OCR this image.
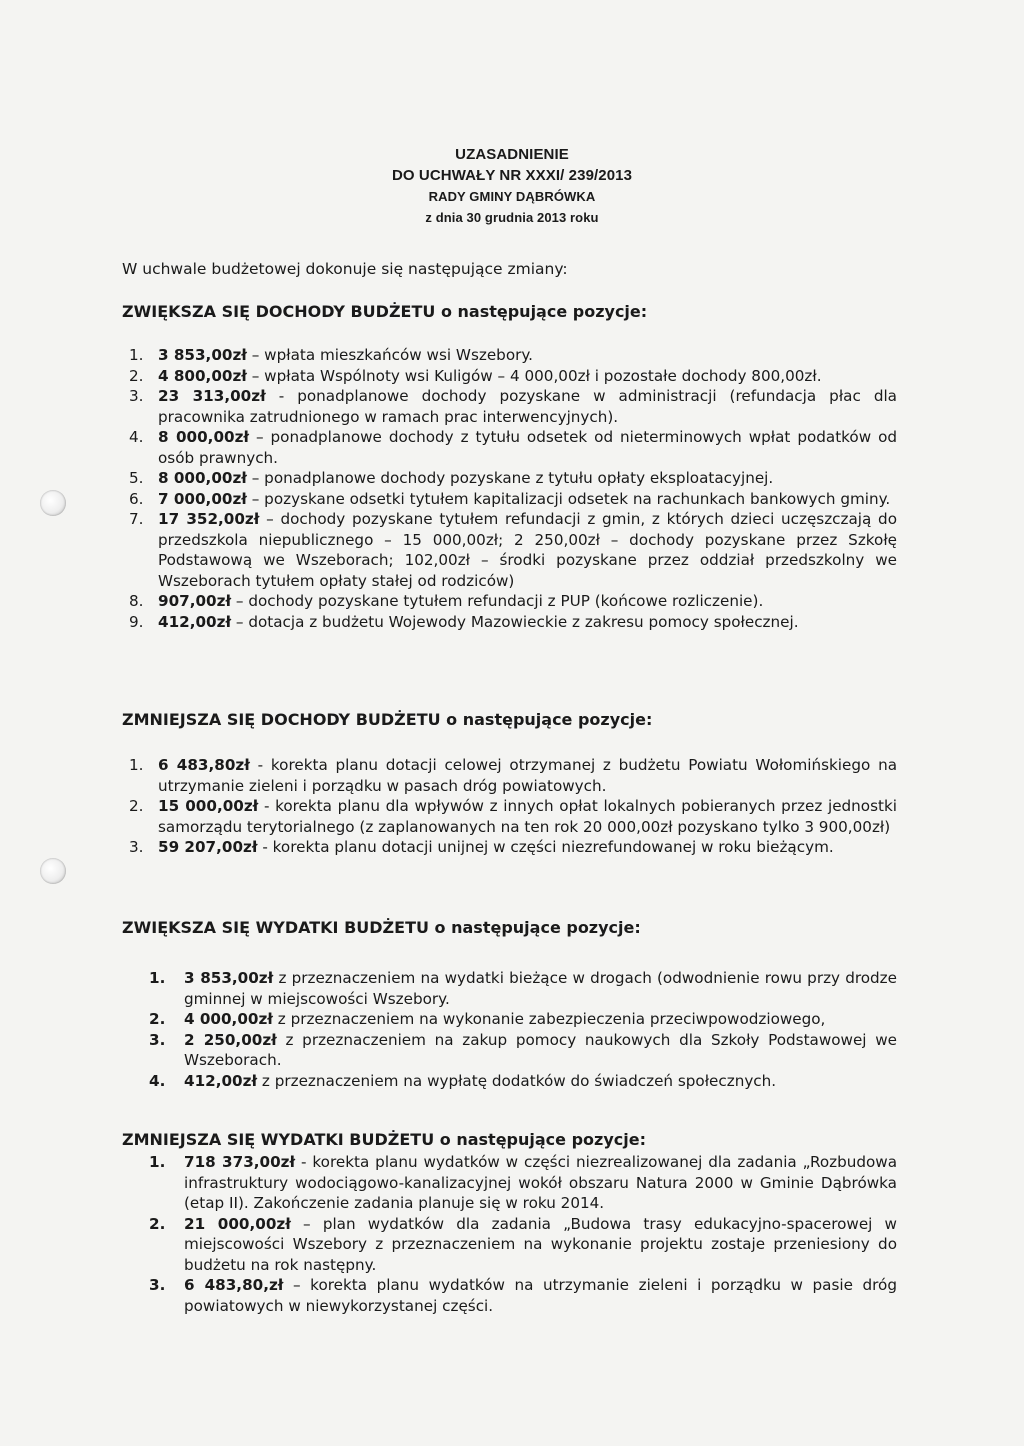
UZASADNIENIE
DO UCHWAŁY NR XXXI/ 239/2013
RADY GMINY DĄBRÓWKA
z dnia 30 grudnia 2013 roku
W uchwale budżetowej dokonuje się następujące zmiany:
ZWIĘKSZA SIĘ DOCHODY BUDŻETU o następujące pozycje:
1. 3 853,00zł – wpłata mieszkańców wsi Wszebory.
2. 4 800,00zł – wpłata Wspólnoty wsi Kuligów – 4 000,00zł i pozostałe dochody 800,00zł.
3. 23 313,00zł - ponadplanowe dochody pozyskane w administracji (refundacja płac dla pracownika zatrudnionego w ramach prac interwencyjnych).
4. 8 000,00zł – ponadplanowe dochody z tytułu odsetek od nieterminowych wpłat podatków od osób prawnych.
5. 8 000,00zł – ponadplanowe dochody pozyskane z tytułu opłaty eksploatacyjnej.
6. 7 000,00zł – pozyskane odsetki tytułem kapitalizacji odsetek na rachunkach bankowych gminy.
7. 17 352,00zł – dochody pozyskane tytułem refundacji z gmin, z których dzieci uczęszczają do przedszkola niepublicznego – 15 000,00zł; 2 250,00zł – dochody pozyskane przez Szkołę Podstawową we Wszeborach; 102,00zł – środki pozyskane przez oddział przedszkolny we Wszeborach tytułem opłaty stałej od rodziców)
8. 907,00zł – dochody pozyskane tytułem refundacji z PUP (końcowe rozliczenie).
9. 412,00zł – dotacja z budżetu Wojewody Mazowieckie z zakresu pomocy społecznej.
ZMNIEJSZA SIĘ DOCHODY BUDŻETU o następujące pozycje:
1. 6 483,80zł - korekta planu dotacji celowej otrzymanej z budżetu Powiatu Wołomińskiego na utrzymanie zieleni i porządku w pasach dróg powiatowych.
2. 15 000,00zł - korekta planu dla wpływów z innych opłat lokalnych pobieranych przez jednostki samorządu terytorialnego (z zaplanowanych na ten rok 20 000,00zł pozyskano tylko 3 900,00zł)
3. 59 207,00zł - korekta planu dotacji unijnej w części niezrefundowanej w roku bieżącym.
ZWIĘKSZA SIĘ WYDATKI BUDŻETU o następujące pozycje:
1. 3 853,00zł z przeznaczeniem na wydatki bieżące w drogach (odwodnienie rowu przy drodze gminnej w miejscowości Wszebory.
2. 4 000,00zł z przeznaczeniem na wykonanie zabezpieczenia przeciwpowodziowego,
3. 2 250,00zł z przeznaczeniem na zakup pomocy naukowych dla Szkoły Podstawowej we Wszeborach.
4. 412,00zł z przeznaczeniem na wypłatę dodatków do świadczeń społecznych.
ZMNIEJSZA SIĘ WYDATKI BUDŻETU o następujące pozycje:
1. 718 373,00zł - korekta planu wydatków w części niezrealizowanej dla zadania „Rozbudowa infrastruktury wodociągowo-kanalizacyjnej wokół obszaru Natura 2000 w Gminie Dąbrówka (etap II). Zakończenie zadania planuje się w roku 2014.
2. 21 000,00zł – plan wydatków dla zadania „Budowa trasy edukacyjno-spacerowej w miejscowości Wszebory z przeznaczeniem na wykonanie projektu zostaje przeniesiony do budżetu na rok następny.
3. 6 483,80,zł – korekta planu wydatków na utrzymanie zieleni i porządku w pasie dróg powiatowych w niewykorzystanej części.
